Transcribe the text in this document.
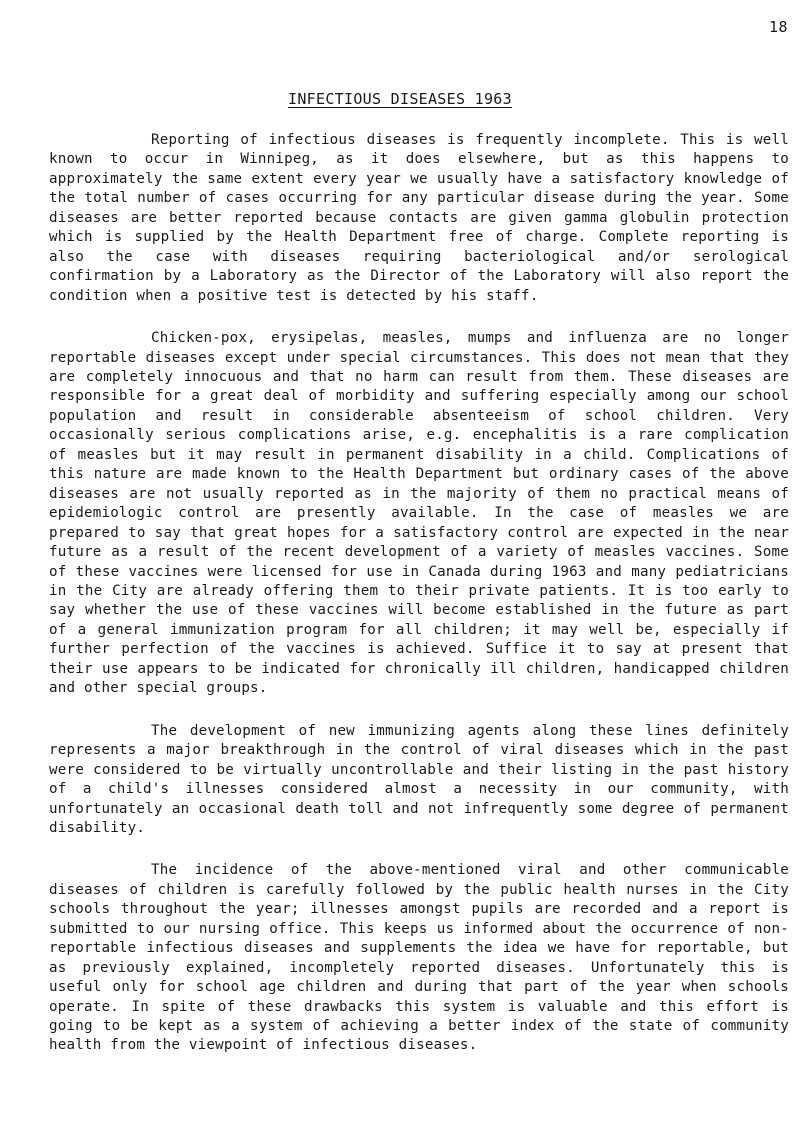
18
INFECTIOUS DISEASES 1963

Reporting of infectious diseases is frequently incomplete. This is well known to occur in Winnipeg, as it does elsewhere, but as this happens to approximately the same extent every year we usually have a satisfactory knowledge of the total number of cases occurring for any particular disease during the year. Some diseases are better reported because contacts are given gamma globulin protection which is supplied by the Health Department free of charge. Complete reporting is also the case with diseases requiring bacteriological and/or serological confirmation by a Laboratory as the Director of the Laboratory will also report the condition when a positive test is detected by his staff.

Chicken-pox, erysipelas, measles, mumps and influenza are no longer reportable diseases except under special circumstances. This does not mean that they are completely innocuous and that no harm can result from them. These diseases are responsible for a great deal of morbidity and suffering especially among our school population and result in considerable absenteeism of school children. Very occasionally serious complications arise, e.g. encephalitis is a rare complication of measles but it may result in permanent disability in a child. Complications of this nature are made known to the Health Department but ordinary cases of the above diseases are not usually reported as in the majority of them no practical means of epidemiologic control are presently available. In the case of measles we are prepared to say that great hopes for a satisfactory control are expected in the near future as a result of the recent development of a variety of measles vaccines. Some of these vaccines were licensed for use in Canada during 1963 and many pediatricians in the City are already offering them to their private patients. It is too early to say whether the use of these vaccines will become established in the future as part of a general immunization program for all children; it may well be, especially if further perfection of the vaccines is achieved. Suffice it to say at present that their use appears to be indicated for chronically ill children, handicapped children and other special groups.

The development of new immunizing agents along these lines definitely represents a major breakthrough in the control of viral diseases which in the past were considered to be virtually uncontrollable and their listing in the past history of a child's illnesses considered almost a necessity in our community, with unfortunately an occasional death toll and not infrequently some degree of permanent disability.

The incidence of the above-mentioned viral and other communicable diseases of children is carefully followed by the public health nurses in the City schools throughout the year; illnesses amongst pupils are recorded and a report is submitted to our nursing office. This keeps us informed about the occurrence of non-reportable infectious diseases and supplements the idea we have for reportable, but as previously explained, incompletely reported diseases. Unfortunately this is useful only for school age children and during that part of the year when schools operate. In spite of these drawbacks this system is valuable and this effort is going to be kept as a system of achieving a better index of the state of community health from the viewpoint of infectious diseases.
